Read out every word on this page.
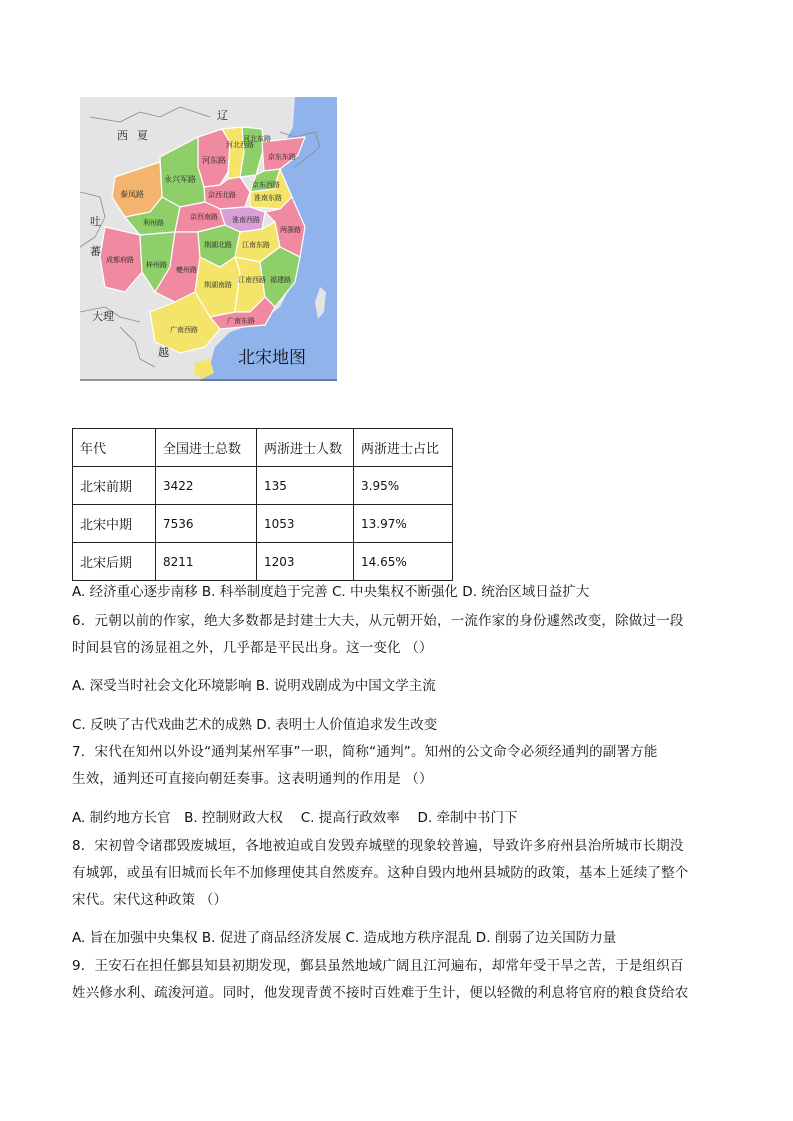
辽
西 夏
吐
蕃
大理
越
河东路
河北西路
河北东路
京东东路
京东西路
淮南东路
永兴军路
秦凤路
利州路
京西南路
京西北路
淮南西路
成都府路
梓州路
夔州路
荆湖北路 江南东路
两浙路
荆湖南路
江南西路 福建路
广南西路
广南东路
北宋地图
年代	全国进士总数	两浙进士人数	两浙进士占比
北宋前期	3422	135	3.95%
北宋中期	7536	1053	13.97%
北宋后期	8211	1203	14.65%
A. 经济重心逐步南移 B. 科举制度趋于完善 C. 中央集权不断强化 D. 统治区域日益扩大
6．元朝以前的作家，绝大多数都是封建士大夫，从元朝开始，一流作家的身份遽然改变，除做过一段
时间县官的汤显祖之外，几乎都是平民出身。这一变化 （）
A. 深受当时社会文化环境影响 B. 说明戏剧成为中国文学主流
C. 反映了古代戏曲艺术的成熟 D. 表明士人价值追求发生改变
7．宋代在知州以外设“通判某州军事”一职，简称“通判”。知州的公文命令必须经通判的副署方能
生效，通判还可直接向朝廷奏事。这表明通判的作用是 （）
A. 制约地方长官　B. 控制财政大权　 C. 提高行政效率　 D. 牵制中书门下
8．宋初曾令诸郡毁废城垣，各地被迫或自发毁弃城壁的现象较普遍，导致许多府州县治所城市长期没
有城郭，或虽有旧城而长年不加修理使其自然废弃。这种自毁内地州县城防的政策，基本上延续了整个
宋代。宋代这种政策 （）
A. 旨在加强中央集权 B. 促进了商品经济发展 C. 造成地方秩序混乱 D. 削弱了边关国防力量
9．王安石在担任鄞县知县初期发现，鄞县虽然地域广阔且江河遍布，却常年受干旱之苦，于是组织百
姓兴修水利、疏浚河道。同时，他发现青黄不接时百姓难于生计，便以轻微的利息将官府的粮食贷给农
